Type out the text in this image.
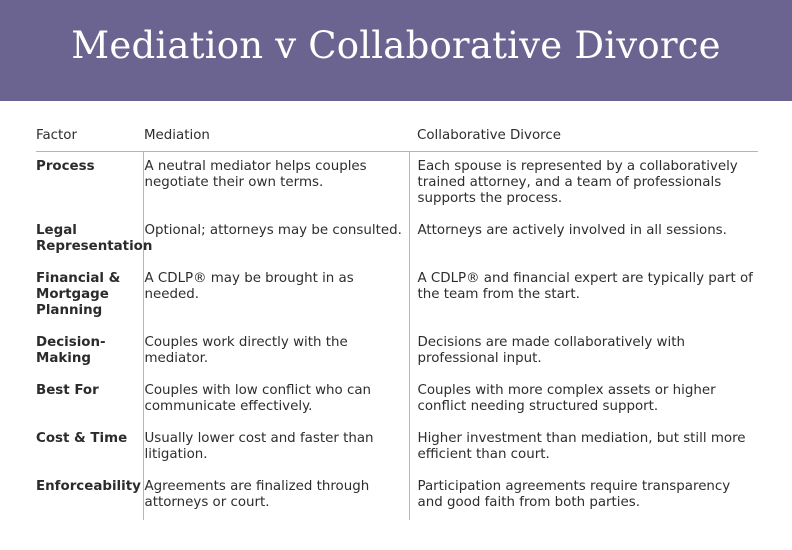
Mediation v Collaborative Divorce
Factor	Mediation	Collaborative Divorce
Process	A neutral mediator helps couples negotiate their own terms.	Each spouse is represented by a collaboratively trained attorney, and a team of professionals supports the process.
Legal Representation	Optional; attorneys may be consulted.	Attorneys are actively involved in all sessions.
Financial & Mortgage Planning	A CDLP® may be brought in as needed.	A CDLP® and financial expert are typically part of the team from the start.
Decision-Making	Couples work directly with the mediator.	Decisions are made collaboratively with professional input.
Best For	Couples with low conflict who can communicate effectively.	Couples with more complex assets or higher conflict needing structured support.
Cost & Time	Usually lower cost and faster than litigation.	Higher investment than mediation, but still more efficient than court.
Enforceability	Agreements are finalized through attorneys or court.	Participation agreements require transparency and good faith from both parties.
